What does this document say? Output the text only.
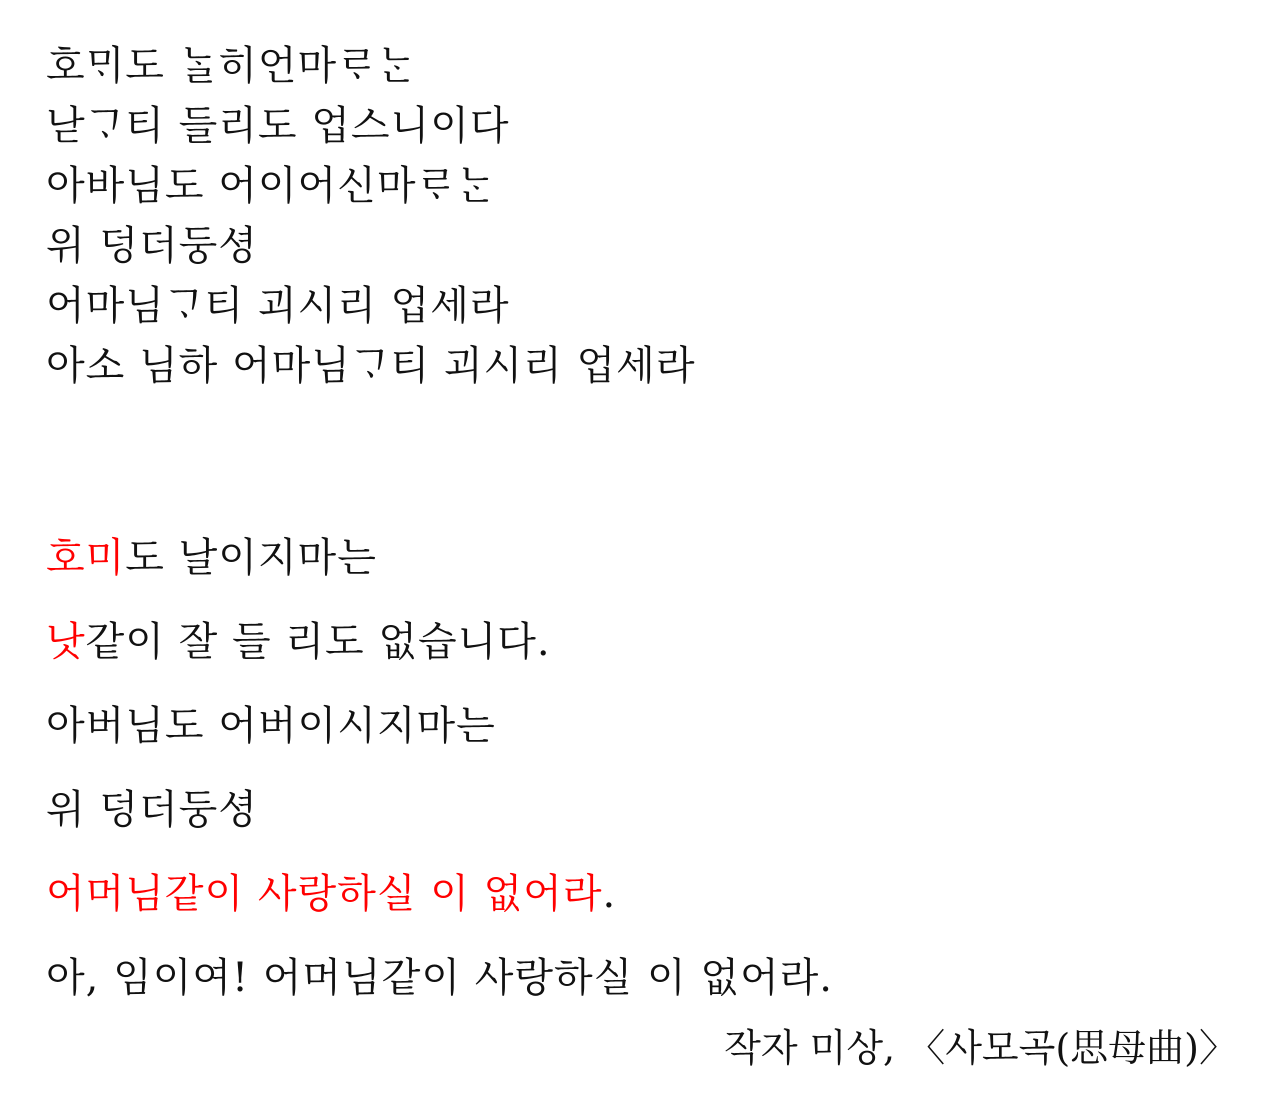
호ᄆᆡ도 ᄂᆞᆯ히언마ᄅᆞᄂᆞᆫ
낟ᄀᆞ티 들리도 업스니이다
아바님도 어이어신마ᄅᆞᄂᆞᆫ
위 덩더둥셩
어마님ᄀᆞ티 괴시리 업세라
아소 님하 어마님ᄀᆞ티 괴시리 업세라
호미도 날이지마는
낫같이 잘 들 리도 없습니다.
아버님도 어버이시지마는
위 덩더둥셩
어머님같이 사랑하실 이 없어라.
아, 임이여! 어머님같이 사랑하실 이 없어라.
작자 미상, 〈사모곡(思母曲)〉
